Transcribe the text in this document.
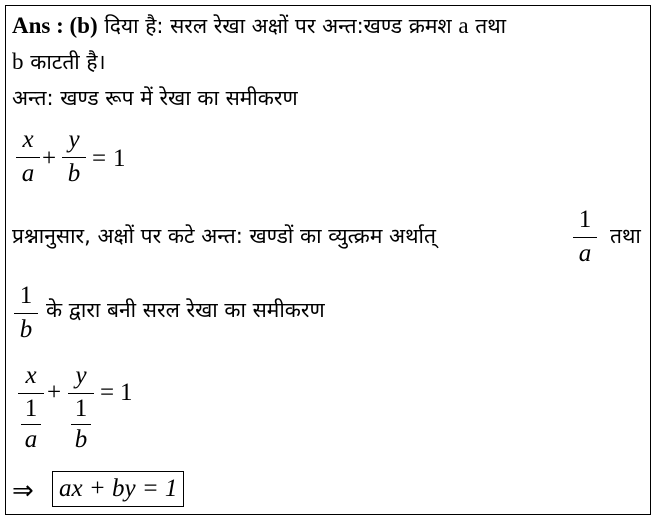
Ans : (b) दिया है: सरल रेखा अक्षों पर अन्त:खण्ड क्रमश a तथा
b काटती है।
अन्त: खण्ड रूप में रेखा का समीकरण
x
a
+
y
b
= 1
प्रश्नानुसार, अक्षों पर कटे अन्त: खण्डों का व्युत्क्रम अर्थात्
1
a
तथा
1
b
के द्वारा बनी सरल रेखा का समीकरण
x
1
a
+
y
1
b
= 1
⇒ ax + by = 1
